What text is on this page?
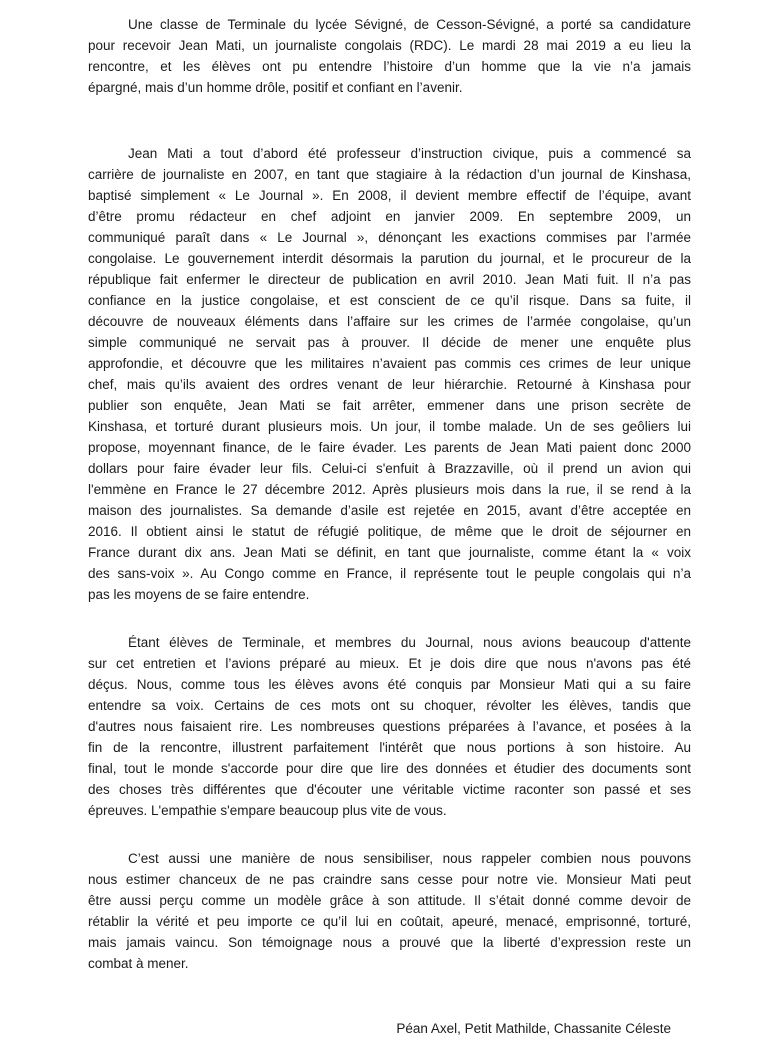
Une classe de Terminale du lycée Sévigné, de Cesson-Sévigné, a porté sa candidature
pour recevoir Jean Mati, un journaliste congolais (RDC). Le mardi 28 mai 2019 a eu lieu la
rencontre, et les élèves ont pu entendre l’histoire d’un homme que la vie n’a jamais
épargné, mais d’un homme drôle, positif et confiant en l’avenir.
Jean Mati a tout d’abord été professeur d’instruction civique, puis a commencé sa
carrière de journaliste en 2007, en tant que stagiaire à la rédaction d’un journal de Kinshasa,
baptisé simplement « Le Journal ». En 2008, il devient membre effectif de l’équipe, avant
d’être promu rédacteur en chef adjoint en janvier 2009. En septembre 2009, un
communiqué paraît dans « Le Journal », dénonçant les exactions commises par l’armée
congolaise. Le gouvernement interdit désormais la parution du journal, et le procureur de la
république fait enfermer le directeur de publication en avril 2010. Jean Mati fuit. Il n’a pas
confiance en la justice congolaise, et est conscient de ce qu’il risque. Dans sa fuite, il
découvre de nouveaux éléments dans l’affaire sur les crimes de l’armée congolaise, qu’un
simple communiqué ne servait pas à prouver. Il décide de mener une enquête plus
approfondie, et découvre que les militaires n’avaient pas commis ces crimes de leur unique
chef, mais qu’ils avaient des ordres venant de leur hiérarchie. Retourné à Kinshasa pour
publier son enquête, Jean Mati se fait arrêter, emmener dans une prison secrète de
Kinshasa, et torturé durant plusieurs mois. Un jour, il tombe malade. Un de ses geôliers lui
propose, moyennant finance, de le faire évader. Les parents de Jean Mati paient donc 2000
dollars pour faire évader leur fils. Celui-ci s'enfuit à Brazzaville, où il prend un avion qui
l'emmène en France le 27 décembre 2012. Après plusieurs mois dans la rue, il se rend à la
maison des journalistes. Sa demande d’asile est rejetée en 2015, avant d’être acceptée en
2016. Il obtient ainsi le statut de réfugié politique, de même que le droit de séjourner en
France durant dix ans. Jean Mati se définit, en tant que journaliste, comme étant la « voix
des sans-voix ». Au Congo comme en France, il représente tout le peuple congolais qui n’a
pas les moyens de se faire entendre.
Étant élèves de Terminale, et membres du Journal, nous avions beaucoup d'attente
sur cet entretien et l’avions préparé au mieux. Et je dois dire que nous n'avons pas été
déçus. Nous, comme tous les élèves avons été conquis par Monsieur Mati qui a su faire
entendre sa voix. Certains de ces mots ont su choquer, révolter les élèves, tandis que
d'autres nous faisaient rire. Les nombreuses questions préparées à l’avance, et posées à la
fin de la rencontre, illustrent parfaitement l'intérêt que nous portions à son histoire. Au
final, tout le monde s'accorde pour dire que lire des données et étudier des documents sont
des choses très différentes que d'écouter une véritable victime raconter son passé et ses
épreuves. L'empathie s'empare beaucoup plus vite de vous.
C’est aussi une manière de nous sensibiliser, nous rappeler combien nous pouvons
nous estimer chanceux de ne pas craindre sans cesse pour notre vie. Monsieur Mati peut
être aussi perçu comme un modèle grâce à son attitude. Il s’était donné comme devoir de
rétablir la vérité et peu importe ce qu’il lui en coûtait, apeuré, menacé, emprisonné, torturé,
mais jamais vaincu. Son témoignage nous a prouvé que la liberté d’expression reste un
combat à mener.
Péan Axel, Petit Mathilde, Chassanite Céleste
